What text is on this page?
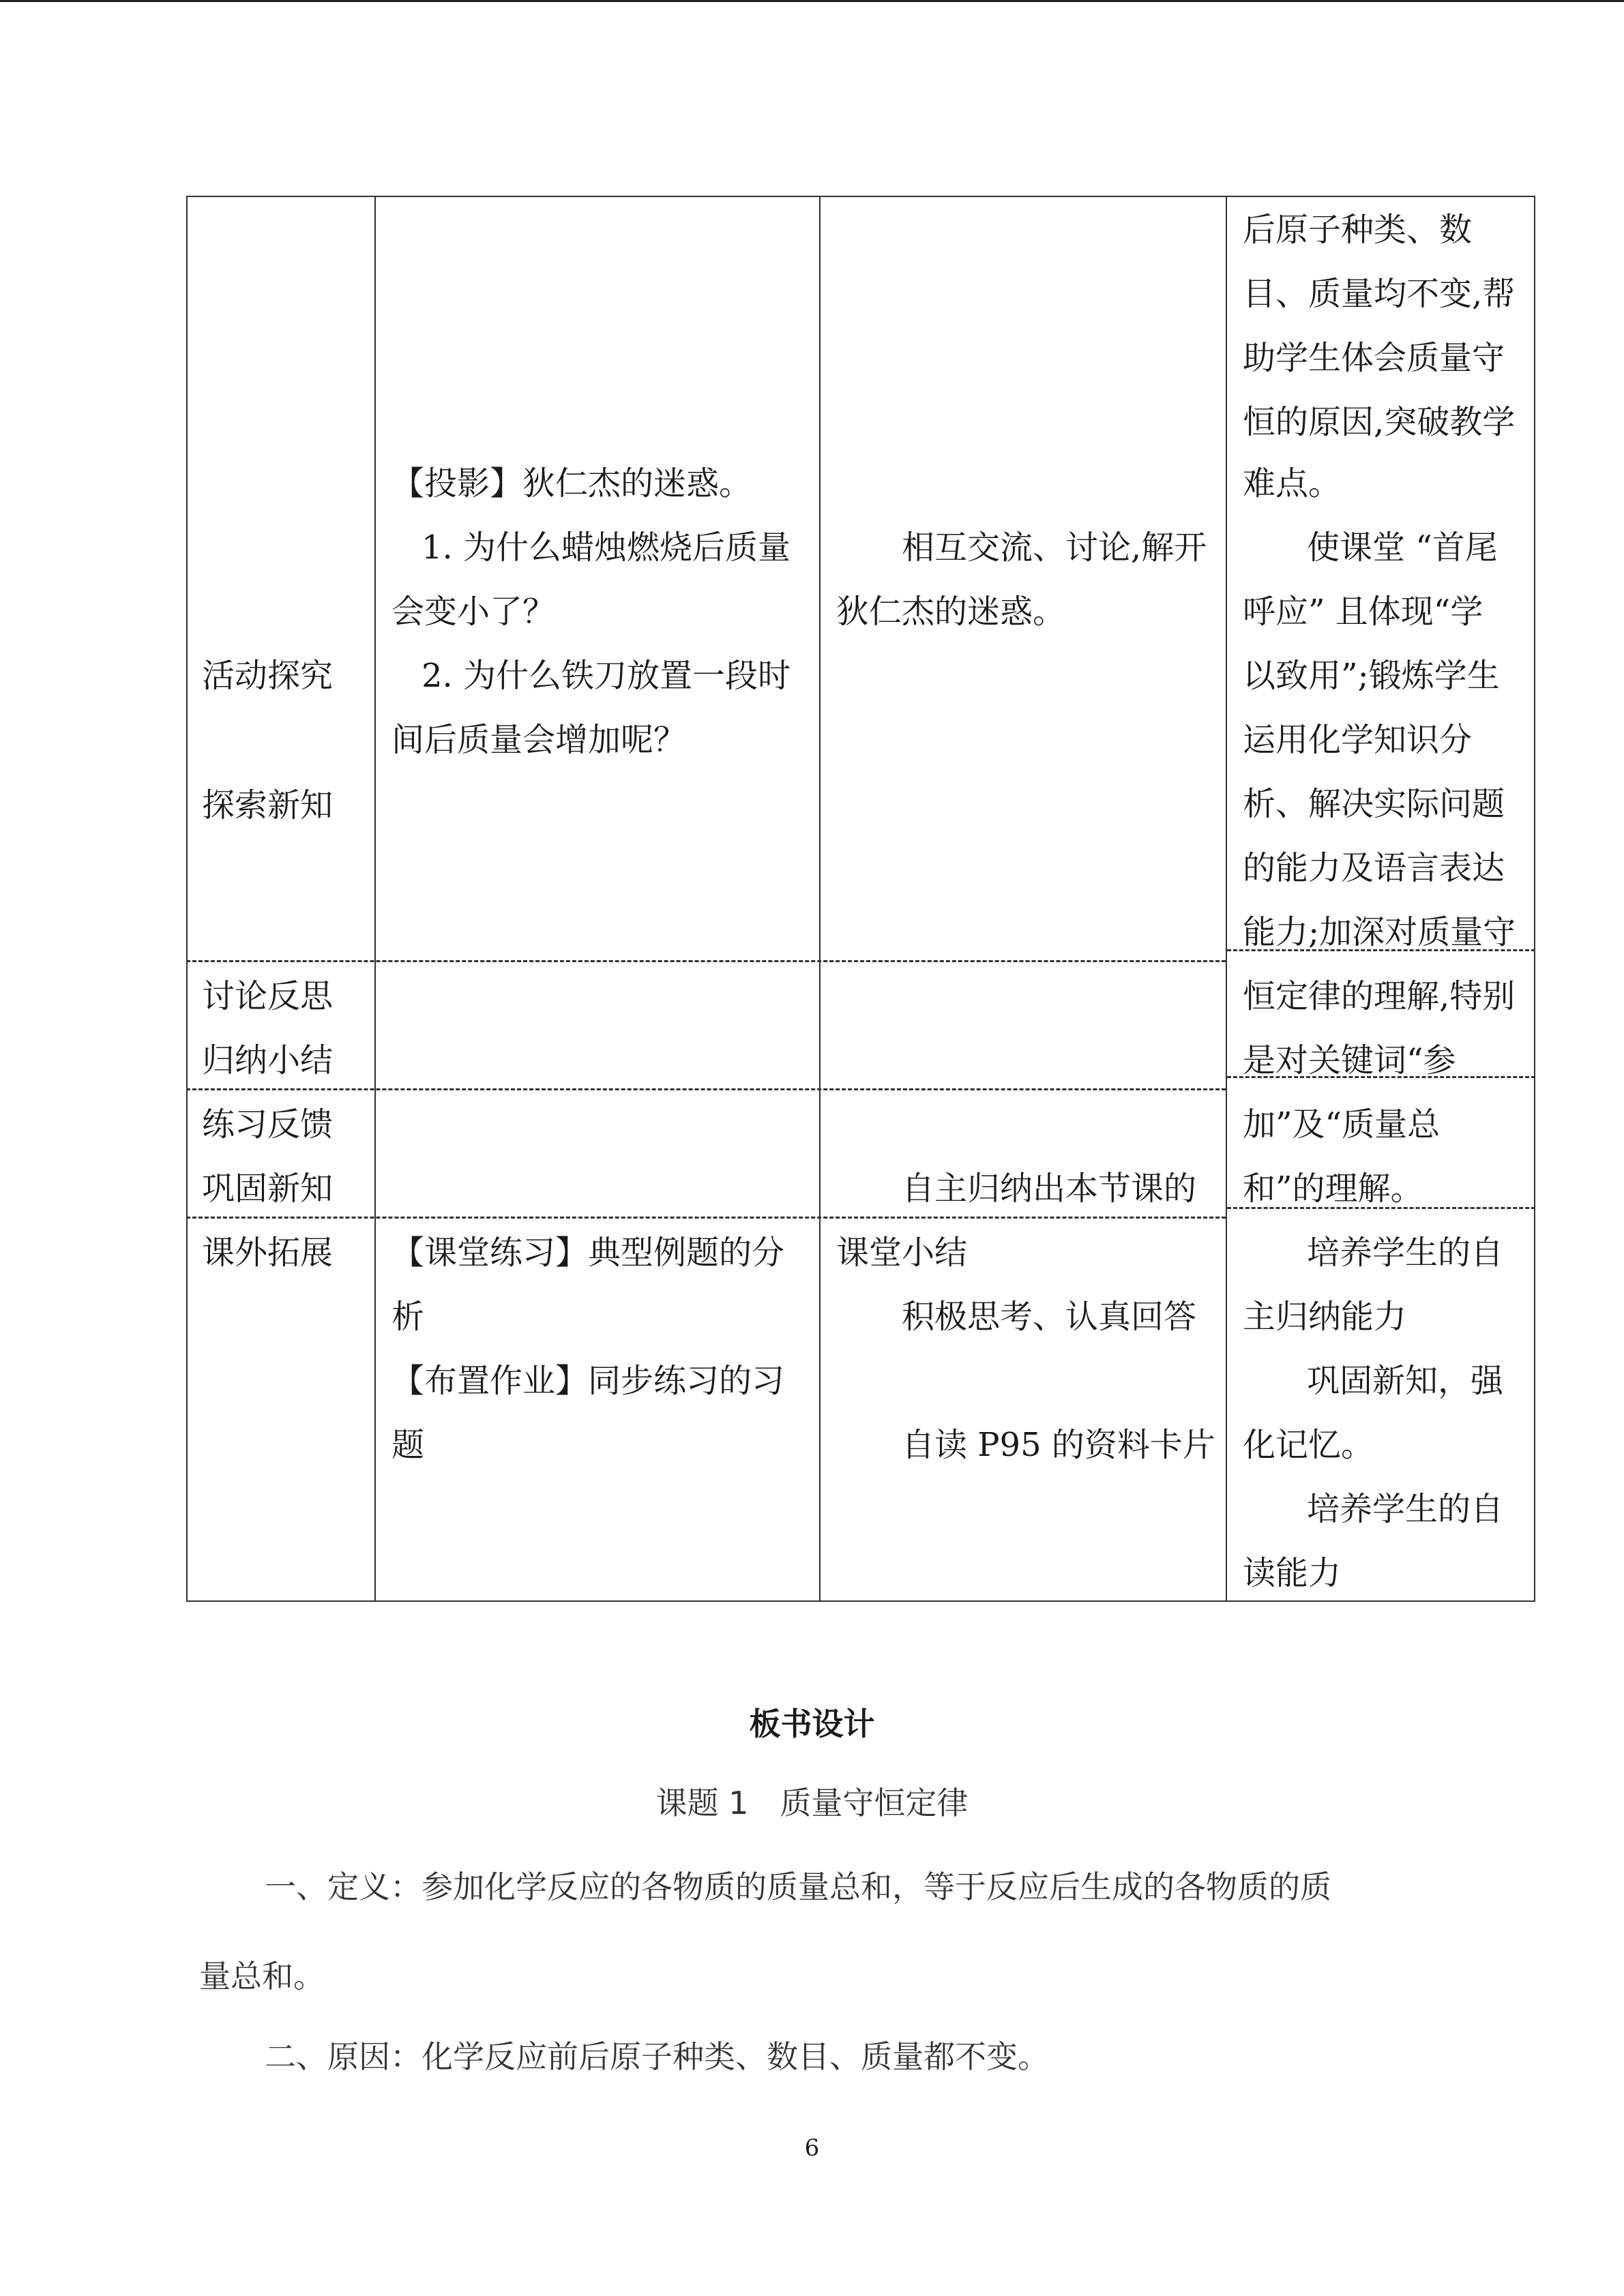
活动探究
探索新知
讨论反思
归纳小结
练习反馈
巩固新知
课外拓展
【投影】狄仁杰的迷惑。
1. 为什么蜡烛燃烧后质量
会变小了？
2. 为什么铁刀放置一段时
间后质量会增加呢？
【课堂练习】典型例题的分
析
【布置作业】同步练习的习
题
相互交流、讨论,解开
狄仁杰的迷惑。
自主归纳出本节课的
课堂小结
积极思考、认真回答
自读 P95 的资料卡片
后原子种类、数
目、质量均不变,帮
助学生体会质量守
恒的原因,突破教学
难点。
使课堂 “首尾
呼应” 且体现“学
以致用”;锻炼学生
运用化学知识分
析、解决实际问题
的能力及语言表达
能力;加深对质量守
恒定律的理解,特别
是对关键词“参
加”及“质量总
和”的理解。
培养学生的自
主归纳能力
巩固新知，强
化记忆。
培养学生的自
读能力
板书设计
课题 1　质量守恒定律
一、定义：参加化学反应的各物质的质量总和，等于反应后生成的各物质的质
量总和。
二、原因：化学反应前后原子种类、数目、质量都不变。
6
